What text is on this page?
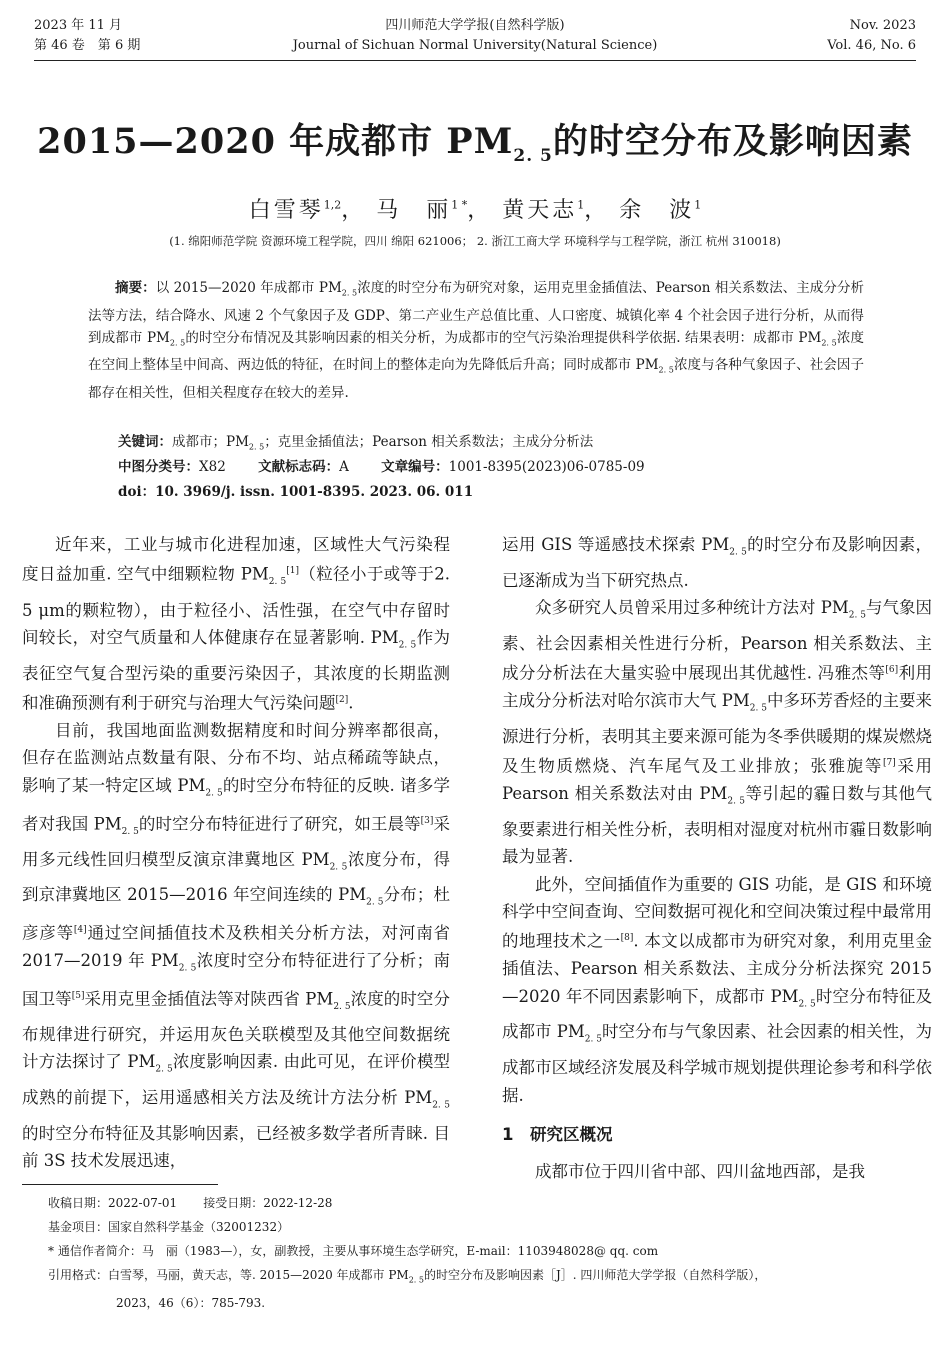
2023 年 11 月
第 46 卷　第 6 期
四川师范大学学报(自然科学版)
Journal of Sichuan Normal University(Natural Science)
Nov. 2023
Vol. 46, No. 6
2015—2020 年成都市 $PM_{2. 5}$的时空分布及影响因素
白雪琴$^{1,2}$， 马　丽$^{1 *}$， 黄天志$^1$， 余　波$^1$
(1. 绵阳师范学院 资源环境工程学院，四川 绵阳 621006； 2. 浙江工商大学 环境科学与工程学院，浙江 杭州 310018)

摘要：以 2015—2020 年成都市 $PM_{2. 5}$浓度的时空分布为研究对象，运用克里金插值法、Pearson 相关系数法、主成分分析法等方法，结合降水、风速 2 个气象因子及 GDP、第二产业生产总值比重、人口密度、城镇化率 4 个社会因子进行分析，从而得到成都市 $PM_{2. 5}$的时空分布情况及其影响因素的相关分析，为成都市的空气污染治理提供科学依据. 结果表明：成都市 $PM_{2. 5}$浓度在空间上整体呈中间高、两边低的特征，在时间上的整体走向为先降低后升高；同时成都市 $PM_{2. 5}$浓度与各种气象因子、社会因子都存在相关性，但相关程度存在较大的差异.

关键词：成都市；$PM_{2. 5}$；克里金插值法；Pearson 相关系数法；主成分分析法
中图分类号：X82 文献标志码：A 文章编号：1001-8395(2023)06-0785-09
doi：10. 3969/j. issn. 1001-8395. 2023. 06. 011

近年来，工业与城市化进程加速，区域性大气污染程度日益加重. 空气中细颗粒物 $PM_{2. 5}[1]$（粒径小于或等于2. 5 μm的颗粒物），由于粒径小、活性强，在空气中存留时间较长，对空气质量和人体健康存在显著影响. $PM_{2. 5}$作为表征空气复合型污染的重要污染因子，其浓度的长期监测和准确预测有利于研究与治理大气污染问题[2].

目前，我国地面监测数据精度和时间分辨率都很高，但存在监测站点数量有限、分布不均、站点稀疏等缺点，影响了某一特定区域 $PM_{2. 5}$的时空分布特征的反映. 诸多学者对我国 $PM_{2. 5}$的时空分布特征进行了研究，如王晨等[3]采用多元线性回归模型反演京津冀地区 $PM_{2. 5}$浓度分布，得到京津冀地区 2015—2016 年空间连续的 $PM_{2. 5}$分布；杜彦彦等[4]通过空间插值技术及秩相关分析方法，对河南省 2017—2019 年 $PM_{2. 5}$浓度时空分布特征进行了分析；南国卫等[5]采用克里金插值法等对陕西省 $PM_{2. 5}$浓度的时空分布规律进行研究，并运用灰色关联模型及其他空间数据统计方法探讨了 $PM_{2. 5}$浓度影响因素. 由此可见，在评价模型成熟的前提下，运用遥感相关方法及统计方法分析 $PM_{2. 5}$的时空分布特征及其影响因素，已经被多数学者所青睐. 目前 3S 技术发展迅速，

运用 GIS 等遥感技术探索 $PM_{2. 5}$的时空分布及影响因素，已逐渐成为当下研究热点.

众多研究人员曾采用过多种统计方法对 $PM_{2. 5}$与气象因素、社会因素相关性进行分析，Pearson 相关系数法、主成分分析法在大量实验中展现出其优越性. 冯雅杰等[6]利用主成分分析法对哈尔滨市大气 $PM_{2. 5}$中多环芳香烃的主要来源进行分析，表明其主要来源可能为冬季供暖期的煤炭燃烧及生物质燃烧、汽车尾气及工业排放；张雅旎等[7]采用 Pearson 相关系数法对由 $PM_{2. 5}$等引起的霾日数与其他气象要素进行相关性分析，表明相对湿度对杭州市霾日数影响最为显著.

此外，空间插值作为重要的 GIS 功能，是 GIS 和环境科学中空间查询、空间数据可视化和空间决策过程中最常用的地理技术之一[8]. 本文以成都市为研究对象，利用克里金插值法、Pearson 相关系数法、主成分分析法探究 2015—2020 年不同因素影响下，成都市 $PM_{2. 5}$时空分布特征及成都市 $PM_{2. 5}$时空分布与气象因素、社会因素的相关性，为成都市区域经济发展及科学城市规划提供理论参考和科学依据.

1　研究区概况

成都市位于四川省中部、四川盆地西部，是我

收稿日期：2022-07-01 接受日期：2022-12-28
基金项目：国家自然科学基金（32001232）
* 通信作者简介：马　丽（1983—），女，副教授，主要从事环境生态学研究，E-mail：1103948028@ qq. com
引用格式：白雪琴，马丽，黄天志，等. 2015—2020 年成都市 $PM_{2. 5}$的时空分布及影响因素［J］. 四川师范大学学报（自然科学版），
2023，46（6）：785-793.
